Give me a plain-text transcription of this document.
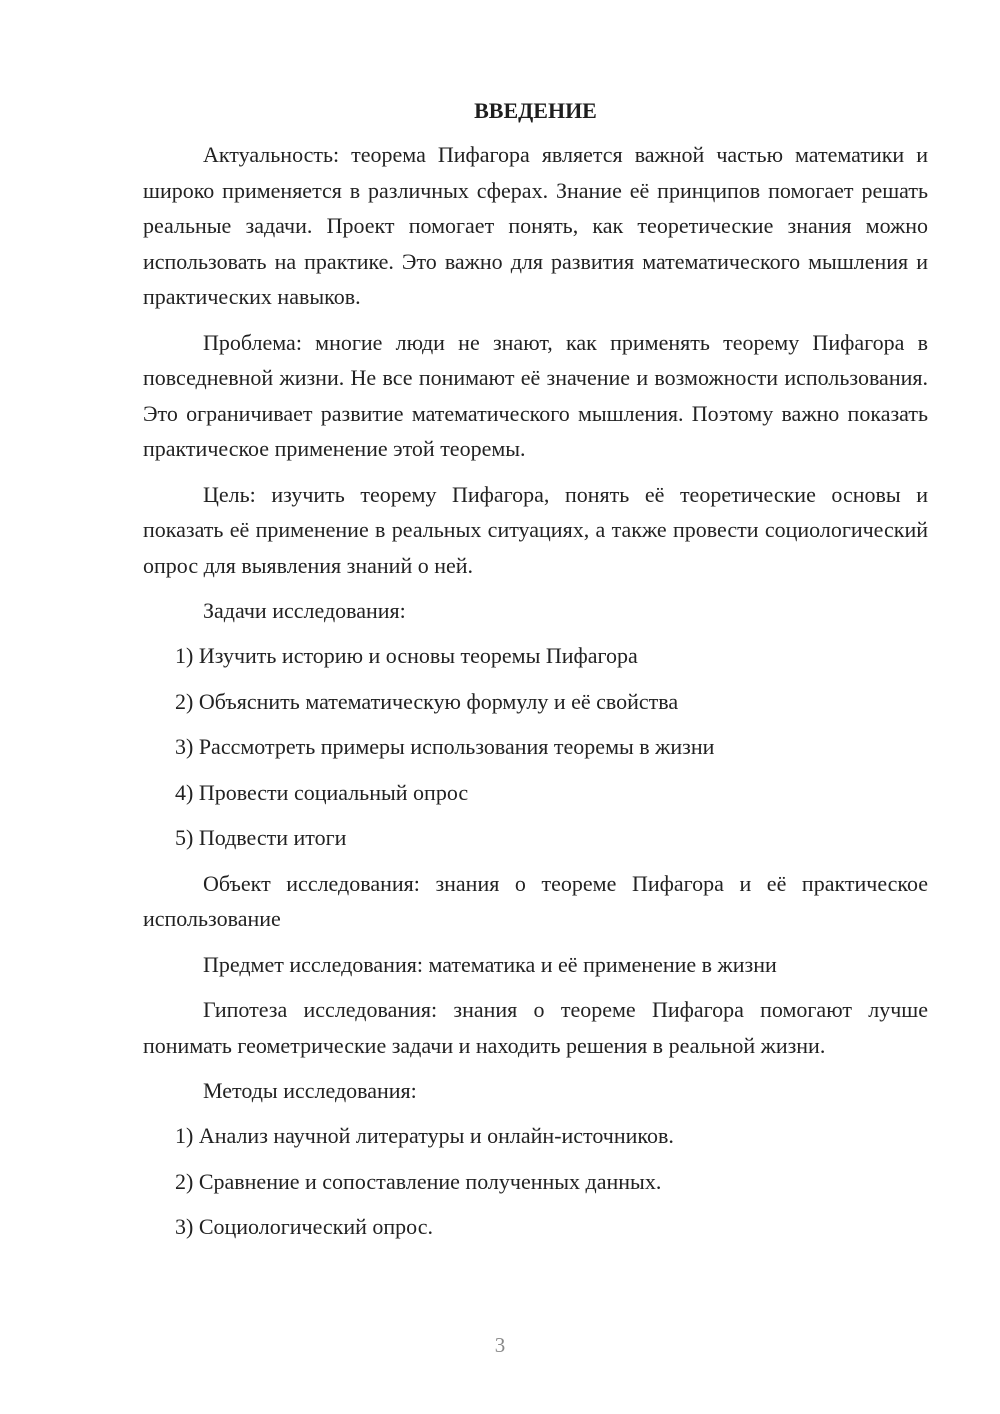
ВВЕДЕНИЕ

Актуальность: теорема Пифагора является важной частью математики и широко применяется в различных сферах. Знание её принципов помогает решать реальные задачи. Проект помогает понять, как теоретические знания можно использовать на практике. Это важно для развития математического мышления и практических навыков.

Проблема: многие люди не знают, как применять теорему Пифагора в повседневной жизни. Не все понимают её значение и возможности использования. Это ограничивает развитие математического мышления. Поэтому важно показать практическое применение этой теоремы.

Цель: изучить теорему Пифагора, понять её теоретические основы и показать её применение в реальных ситуациях, а также провести социологический опрос для выявления знаний о ней.

Задачи исследования:

1) Изучить историю и основы теоремы Пифагора
2) Объяснить математическую формулу и её свойства
3) Рассмотреть примеры использования теоремы в жизни
4) Провести социальный опрос
5) Подвести итоги

Объект исследования: знания о теореме Пифагора и её практическое использование

Предмет исследования: математика и её применение в жизни

Гипотеза исследования: знания о теореме Пифагора помогают лучше понимать геометрические задачи и находить решения в реальной жизни.

Методы исследования:

1) Анализ научной литературы и онлайн-источников.
2) Сравнение и сопоставление полученных данных.
3) Социологический опрос.
3
